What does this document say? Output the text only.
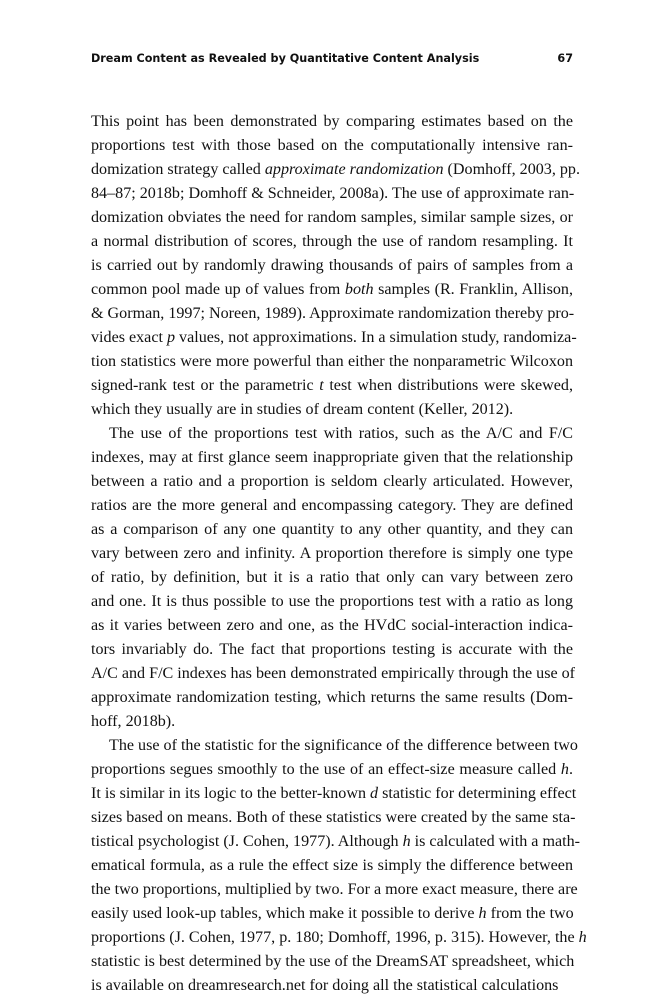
Dream Content as Revealed by Quantitative Content Analysis	67
This point has been demonstrated by comparing estimates based on the
proportions test with those based on the computationally intensive ran-
domization strategy called approximate randomization (Domhoff, 2003, pp.
84–87; 2018b; Domhoff & Schneider, 2008a). The use of approximate ran-
domization obviates the need for random samples, similar sample sizes, or
a normal distribution of scores, through the use of random resampling. It
is carried out by randomly drawing thousands of pairs of samples from a
common pool made up of values from both samples (R. Franklin, Allison,
& Gorman, 1997; Noreen, 1989). Approximate randomization thereby pro-
vides exact p values, not approximations. In a simulation study, randomiza-
tion statistics were more powerful than either the nonparametric Wilcoxon
signed-rank test or the parametric t test when distributions were skewed,
which they usually are in studies of dream content (Keller, 2012).
The use of the proportions test with ratios, such as the A/C and F/C
indexes, may at first glance seem inappropriate given that the relationship
between a ratio and a proportion is seldom clearly articulated. However,
ratios are the more general and encompassing category. They are defined
as a comparison of any one quantity to any other quantity, and they can
vary between zero and infinity. A proportion therefore is simply one type
of ratio, by definition, but it is a ratio that only can vary between zero
and one. It is thus possible to use the proportions test with a ratio as long
as it varies between zero and one, as the HVdC social-interaction indica-
tors invariably do. The fact that proportions testing is accurate with the
A/C and F/C indexes has been demonstrated empirically through the use of
approximate randomization testing, which returns the same results (Dom-
hoff, 2018b).
The use of the statistic for the significance of the difference between two
proportions segues smoothly to the use of an effect-size measure called h.
It is similar in its logic to the better-known d statistic for determining effect
sizes based on means. Both of these statistics were created by the same sta-
tistical psychologist (J. Cohen, 1977). Although h is calculated with a math-
ematical formula, as a rule the effect size is simply the difference between
the two proportions, multiplied by two. For a more exact measure, there are
easily used look-up tables, which make it possible to derive h from the two
proportions (J. Cohen, 1977, p. 180; Domhoff, 1996, p. 315). However, the h
statistic is best determined by the use of the DreamSAT spreadsheet, which
is available on dreamresearch.net for doing all the statistical calculations
